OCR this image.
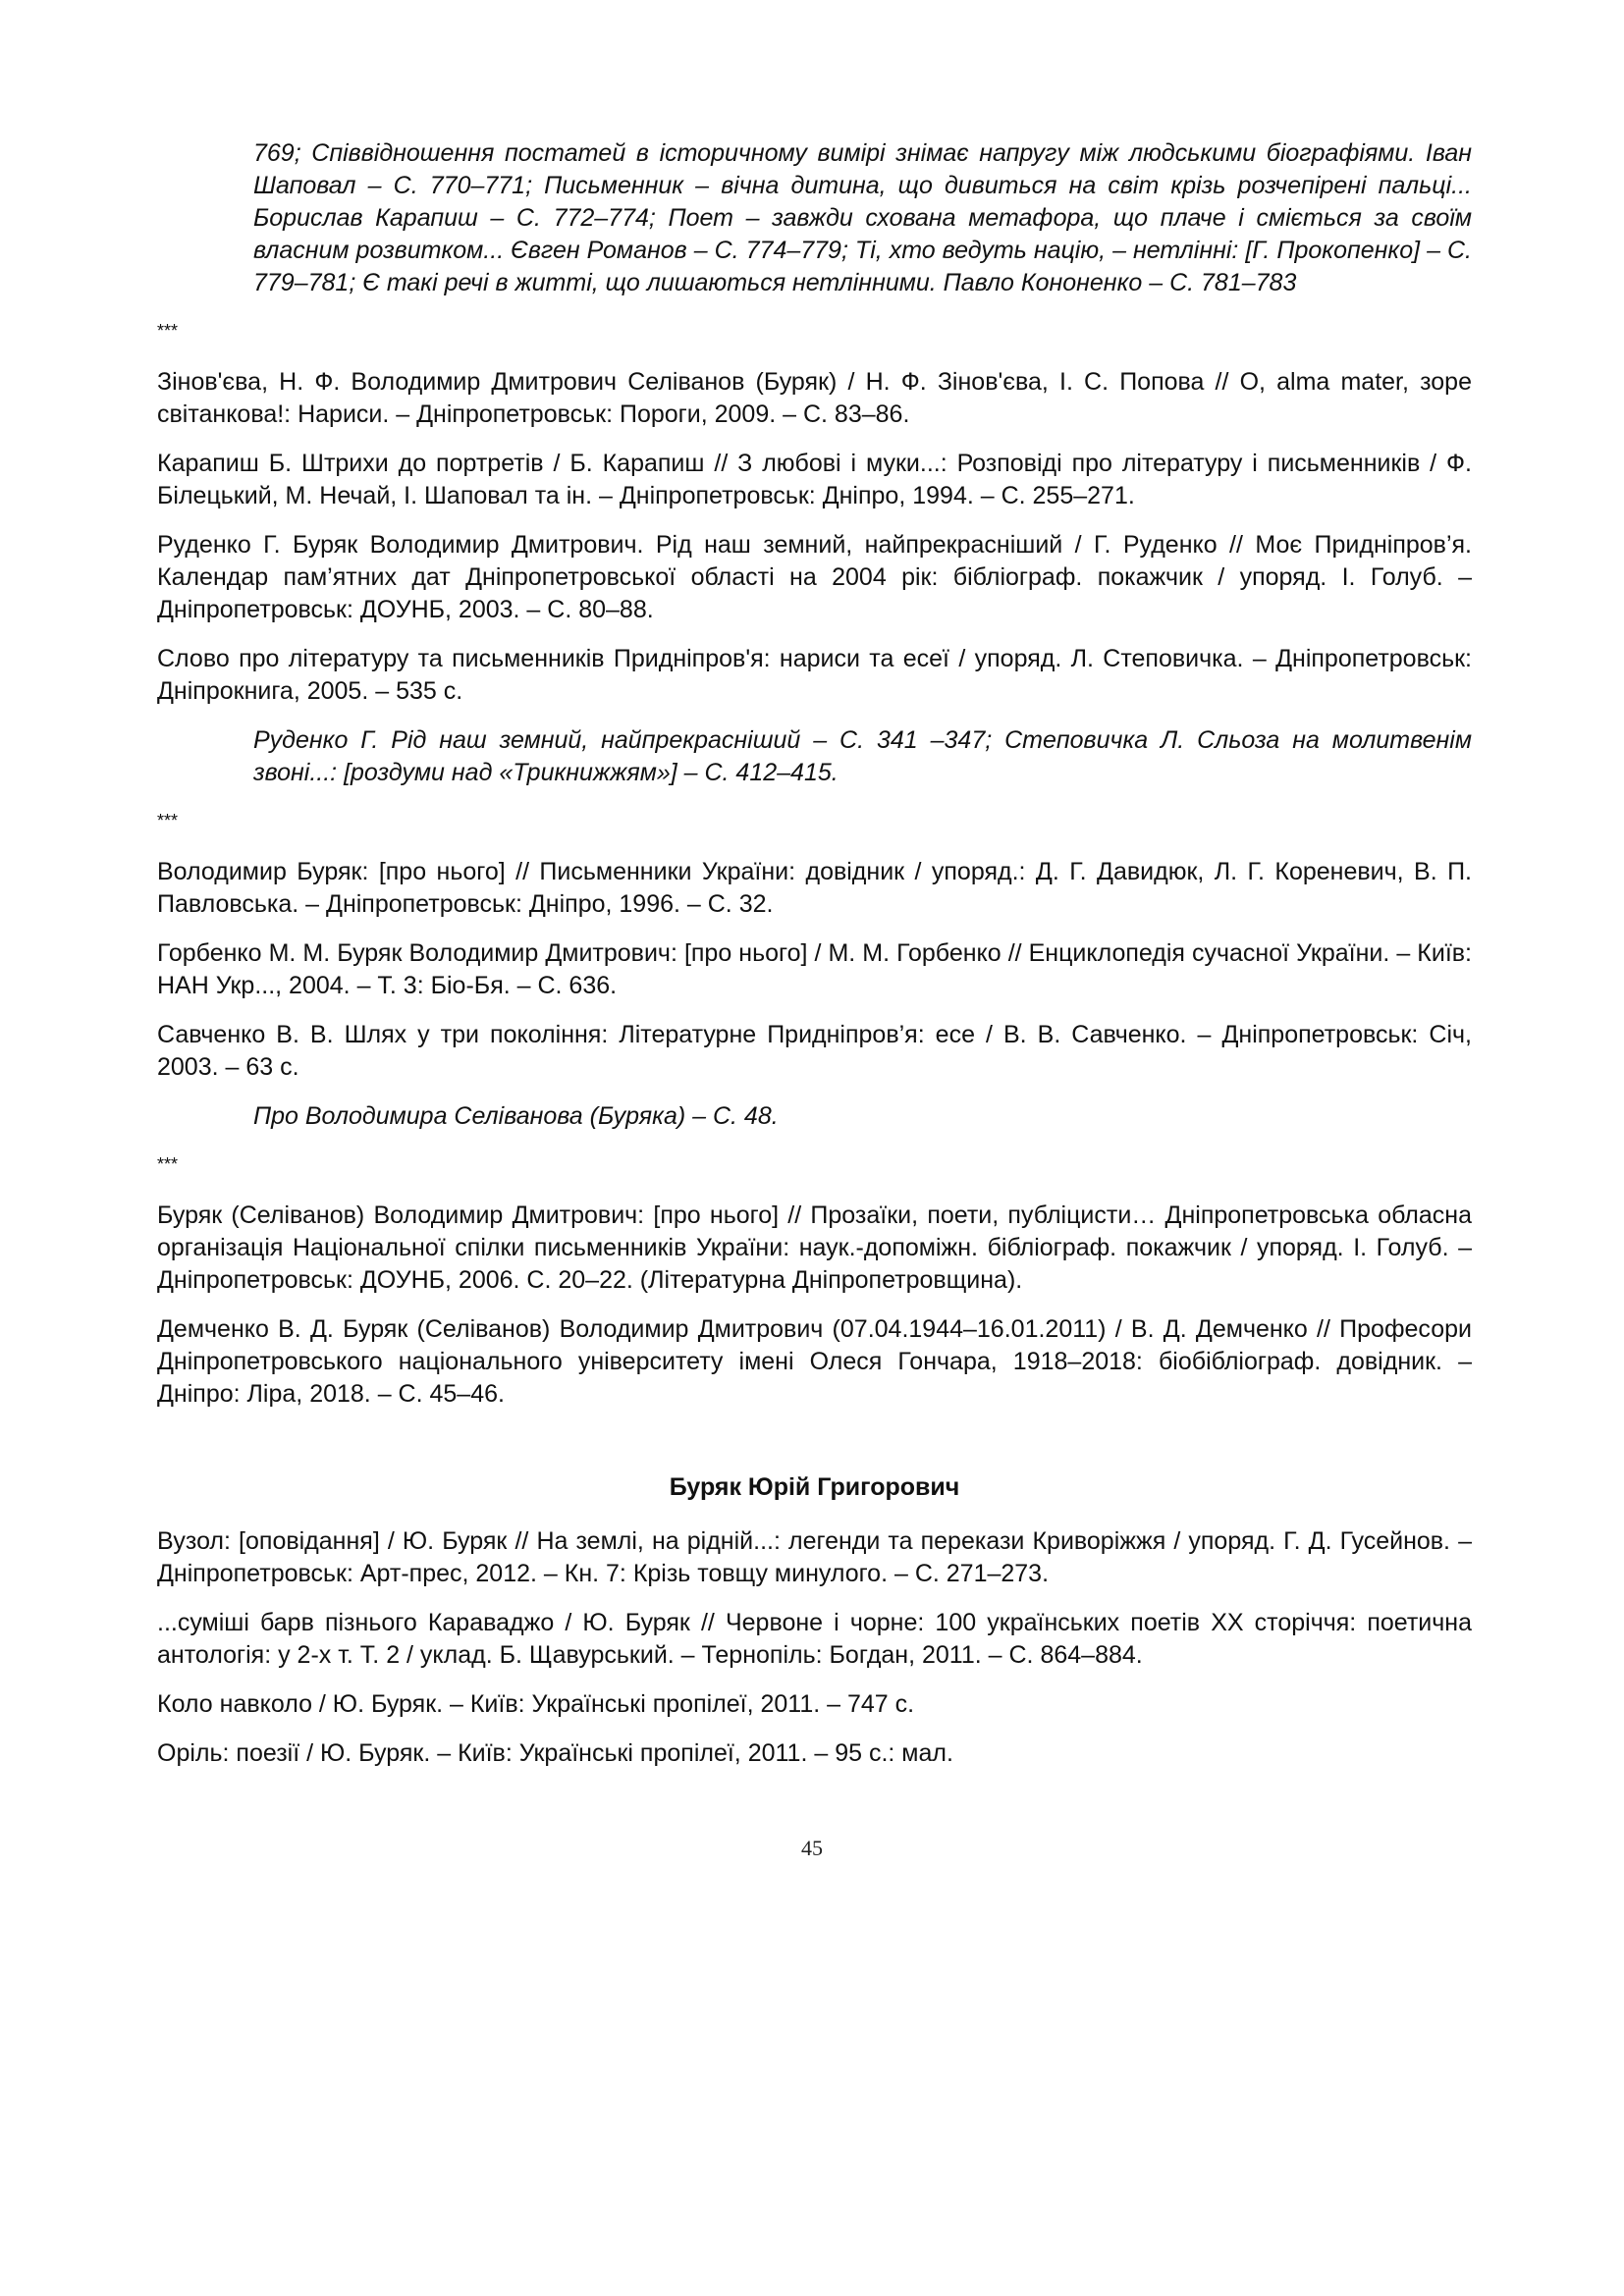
769; Співвідношення постатей в історичному вимірі знімає напругу між людськими біографіями. Іван Шаповал – С. 770–771; Письменник – вічна дитина, що дивиться на світ крізь розчепірені пальці... Борислав Карапиш – С. 772–774; Поет – завжди схована метафора, що плаче і сміється за своїм власним розвитком... Євген Романов – С. 774–779; Ті, хто ведуть націю, – нетлінні: [Г. Прокопенко] – С. 779–781; Є такі речі в житті, що лишаються нетлінними. Павло Кононенко – С. 781–783
***
Зінов'єва, Н. Ф. Володимир Дмитрович Селіванов (Буряк) / Н. Ф. Зінов'єва, І. С. Попова // О, alma mater, зоре світанкова!: Нариси. – Дніпропетровськ: Пороги, 2009. – С. 83–86.
Карапиш Б. Штрихи до портретів / Б. Карапиш // З любові і муки...: Розповіді про літературу і письменників / Ф. Білецький, М. Нечай, І. Шаповал та ін. – Дніпропетровськ: Дніпро, 1994. – С. 255–271.
Руденко Г. Буряк Володимир Дмитрович. Рід наш земний, найпрекрасніший / Г. Руденко // Моє Придніпров’я. Календар пам’ятних дат Дніпропетровської області на 2004 рік: бібліограф. покажчик / упоряд. І. Голуб. – Дніпропетровськ: ДОУНБ, 2003. – С. 80–88.
Слово про літературу та письменників Придніпров'я: нариси та есеї / упоряд. Л. Степовичка. – Дніпропетровськ: Дніпрокнига, 2005. – 535 с.
Руденко Г. Рід наш земний, найпрекрасніший – С. 341 –347; Степовичка Л. Сльоза на молитвенім звоні...: [роздуми над «Трикнижжям»] – С. 412–415.
***
Володимир Буряк: [про нього] // Письменники України: довідник / упоряд.: Д. Г. Давидюк, Л. Г. Кореневич, В. П. Павловська. – Дніпропетровськ: Дніпро, 1996. – С. 32.
Горбенко М. М. Буряк Володимир Дмитрович: [про нього] / М. М. Горбенко // Енциклопедія сучасної України. – Київ: НАН Укр..., 2004. – Т. 3: Біо-Бя. – С. 636.
Савченко В. В. Шлях у три покоління: Літературне Придніпров’я: есе / В. В. Савченко. – Дніпропетровськ: Січ, 2003. – 63 с.
Про Володимира Селіванова (Буряка) – С. 48.
***
Буряк (Селіванов) Володимир Дмитрович: [про нього] // Прозаїки, поети, публіцисти… Дніпропетровська обласна організація Національної спілки письменників України: наук.-допоміжн. бібліограф. покажчик / упоряд. І. Голуб. – Дніпропетровськ: ДОУНБ, 2006. С. 20–22. (Літературна Дніпропетровщина).
Демченко В. Д. Буряк (Селіванов) Володимир Дмитрович (07.04.1944–16.01.2011) / В. Д. Демченко // Професори Дніпропетровського національного університету імені Олеся Гончара, 1918–2018: біобібліограф. довідник. – Дніпро: Ліра, 2018. – С. 45–46.
Буряк Юрій Григорович
Вузол: [оповідання] / Ю. Буряк // На землі, на рідній...: легенди та перекази Криворіжжя / упоряд. Г. Д. Гусейнов. – Дніпропетровськ: Арт-прес, 2012. – Кн. 7: Крізь товщу минулого. – С. 271–273.
...суміші барв пізнього Караваджо / Ю. Буряк // Червоне і чорне: 100 українських поетів ХХ сторіччя: поетична антологія: у 2-х т. Т. 2 / уклад. Б. Щавурський. – Тернопіль: Богдан, 2011. – С. 864–884.
Коло навколо / Ю. Буряк. – Київ: Українські пропілеї, 2011. – 747 с.
Оріль: поезії / Ю. Буряк. – Київ: Українські пропілеї, 2011. – 95 с.: мал.
45
